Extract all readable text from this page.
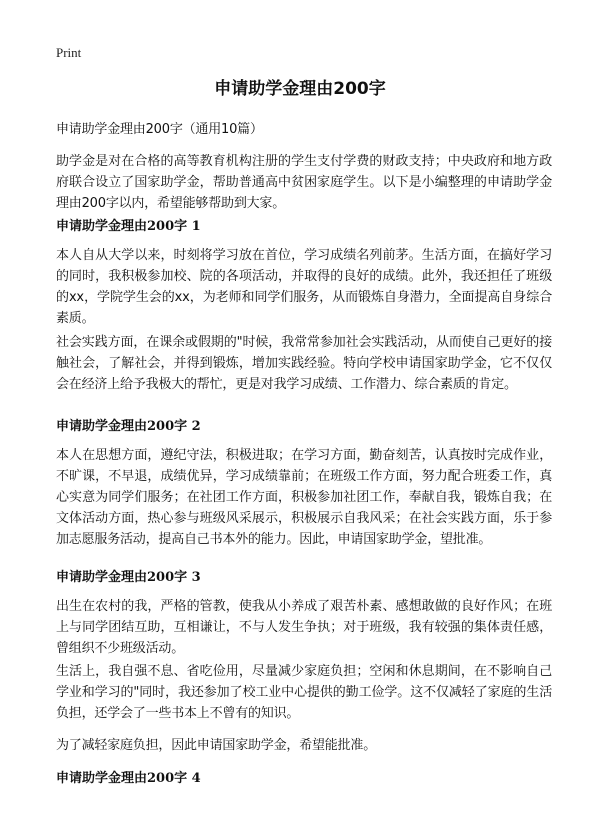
Print
申请助学金理由200字

申请助学金理由200字（通用10篇）

助学金是对在合格的高等教育机构注册的学生支付学费的财政支持；中央政府和地方政府联合设立了国家助学金，帮助普通高中贫困家庭学生。以下是小编整理的申请助学金理由200字以内，希望能够帮助到大家。

申请助学金理由200字 1

本人自从大学以来，时刻将学习放在首位，学习成绩名列前茅。生活方面，在搞好学习的同时，我积极参加校、院的各项活动，并取得的良好的成绩。此外，我还担任了班级的xx，学院学生会的xx，为老师和同学们服务，从而锻炼自身潜力，全面提高自身综合素质。

社会实践方面，在课余或假期的"时候，我常常参加社会实践活动，从而使自己更好的接触社会，了解社会，并得到锻炼，增加实践经验。特向学校申请国家助学金，它不仅仅会在经济上给予我极大的帮忙，更是对我学习成绩、工作潜力、综合素质的肯定。

申请助学金理由200字 2

本人在思想方面，遵纪守法，积极进取；在学习方面，勤奋刻苦，认真按时完成作业，不旷课，不早退，成绩优异，学习成绩靠前；在班级工作方面，努力配合班委工作，真心实意为同学们服务；在社团工作方面，积极参加社团工作，奉献自我，锻炼自我；在文体活动方面，热心参与班级风采展示，积极展示自我风采；在社会实践方面，乐于参加志愿服务活动，提高自己书本外的能力。因此，申请国家助学金，望批准。

申请助学金理由200字 3

出生在农村的我，严格的管教，使我从小养成了艰苦朴素、感想敢做的良好作风；在班上与同学团结互助，互相谦让，不与人发生争执；对于班级，我有较强的集体责任感，曾组织不少班级活动。

生活上，我自强不息、省吃俭用，尽量减少家庭负担；空闲和休息期间，在不影响自己学业和学习的"同时，我还参加了校工业中心提供的勤工俭学。这不仅减轻了家庭的生活负担，还学会了一些书本上不曾有的知识。

为了减轻家庭负担，因此申请国家助学金，希望能批准。

申请助学金理由200字 4
